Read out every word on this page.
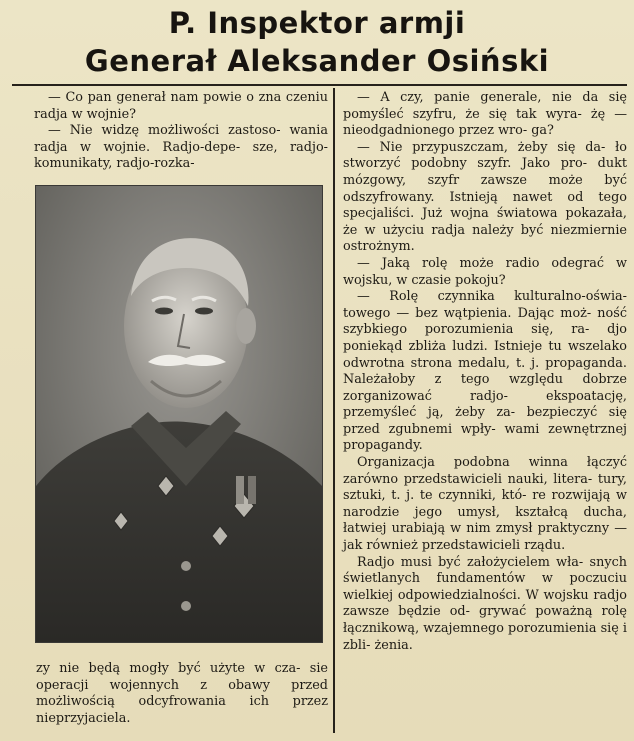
P. Inspektor armji
Generał Aleksander Osiński

— Co pan generał nam powie o zna czeniu radja w wojnie?

— Nie widzę możliwości zastoso- wania radja w wojnie. Radjo-depe- sze, radjo-komunikaty, radjo-rozka-

zy nie będą mogły być użyte w cza- sie operacji wojennych z obawy przed możliwością odcyfrowania ich przez nieprzyjaciela.

— A czy, panie generale, nie da się pomyśleć szyfru, że się tak wyra- żę — nieodgadnionego przez wro- ga?

— Nie przypuszczam, żeby się da- ło stworzyć podobny szyfr. Jako pro- dukt mózgowy, szyfr zawsze może być odszyfrowany. Istnieją nawet od tego specjaliści. Już wojna światowa pokazała, że w użyciu radja należy być niezmiernie ostrożnym.

— Jaką rolę może radio odegrać w wojsku, w czasie pokoju?

— Rolę czynnika kulturalno-oświa- towego — bez wątpienia. Dając moż- ność szybkiego porozumienia się, ra- djo poniekąd zbliża ludzi. Istnieje tu wszelako odwrotna strona medalu, t. j. propaganda. Należałoby z tego względu dobrze zorganizować radjo- ekspoatację, przemyśleć ją, żeby za- bezpieczyć się przed zgubnemi wpły- wami zewnętrznej propagandy.

Organizacja podobna winna łączyć zarówno przedstawicieli nauki, litera- tury, sztuki, t. j. te czynniki, któ- re rozwijają w narodzie jego umysł, kształcą ducha, łatwiej urabiają w nim zmysł praktyczny — jak również przedstawicieli rządu.

Radjo musi być założycielem wła- snych świetlanych fundamentów w poczuciu wielkiej odpowiedzialności. W wojsku radjo zawsze będzie od- grywać poważną rolę łącznikową, wzajemnego porozumienia się i zbli- żenia.
